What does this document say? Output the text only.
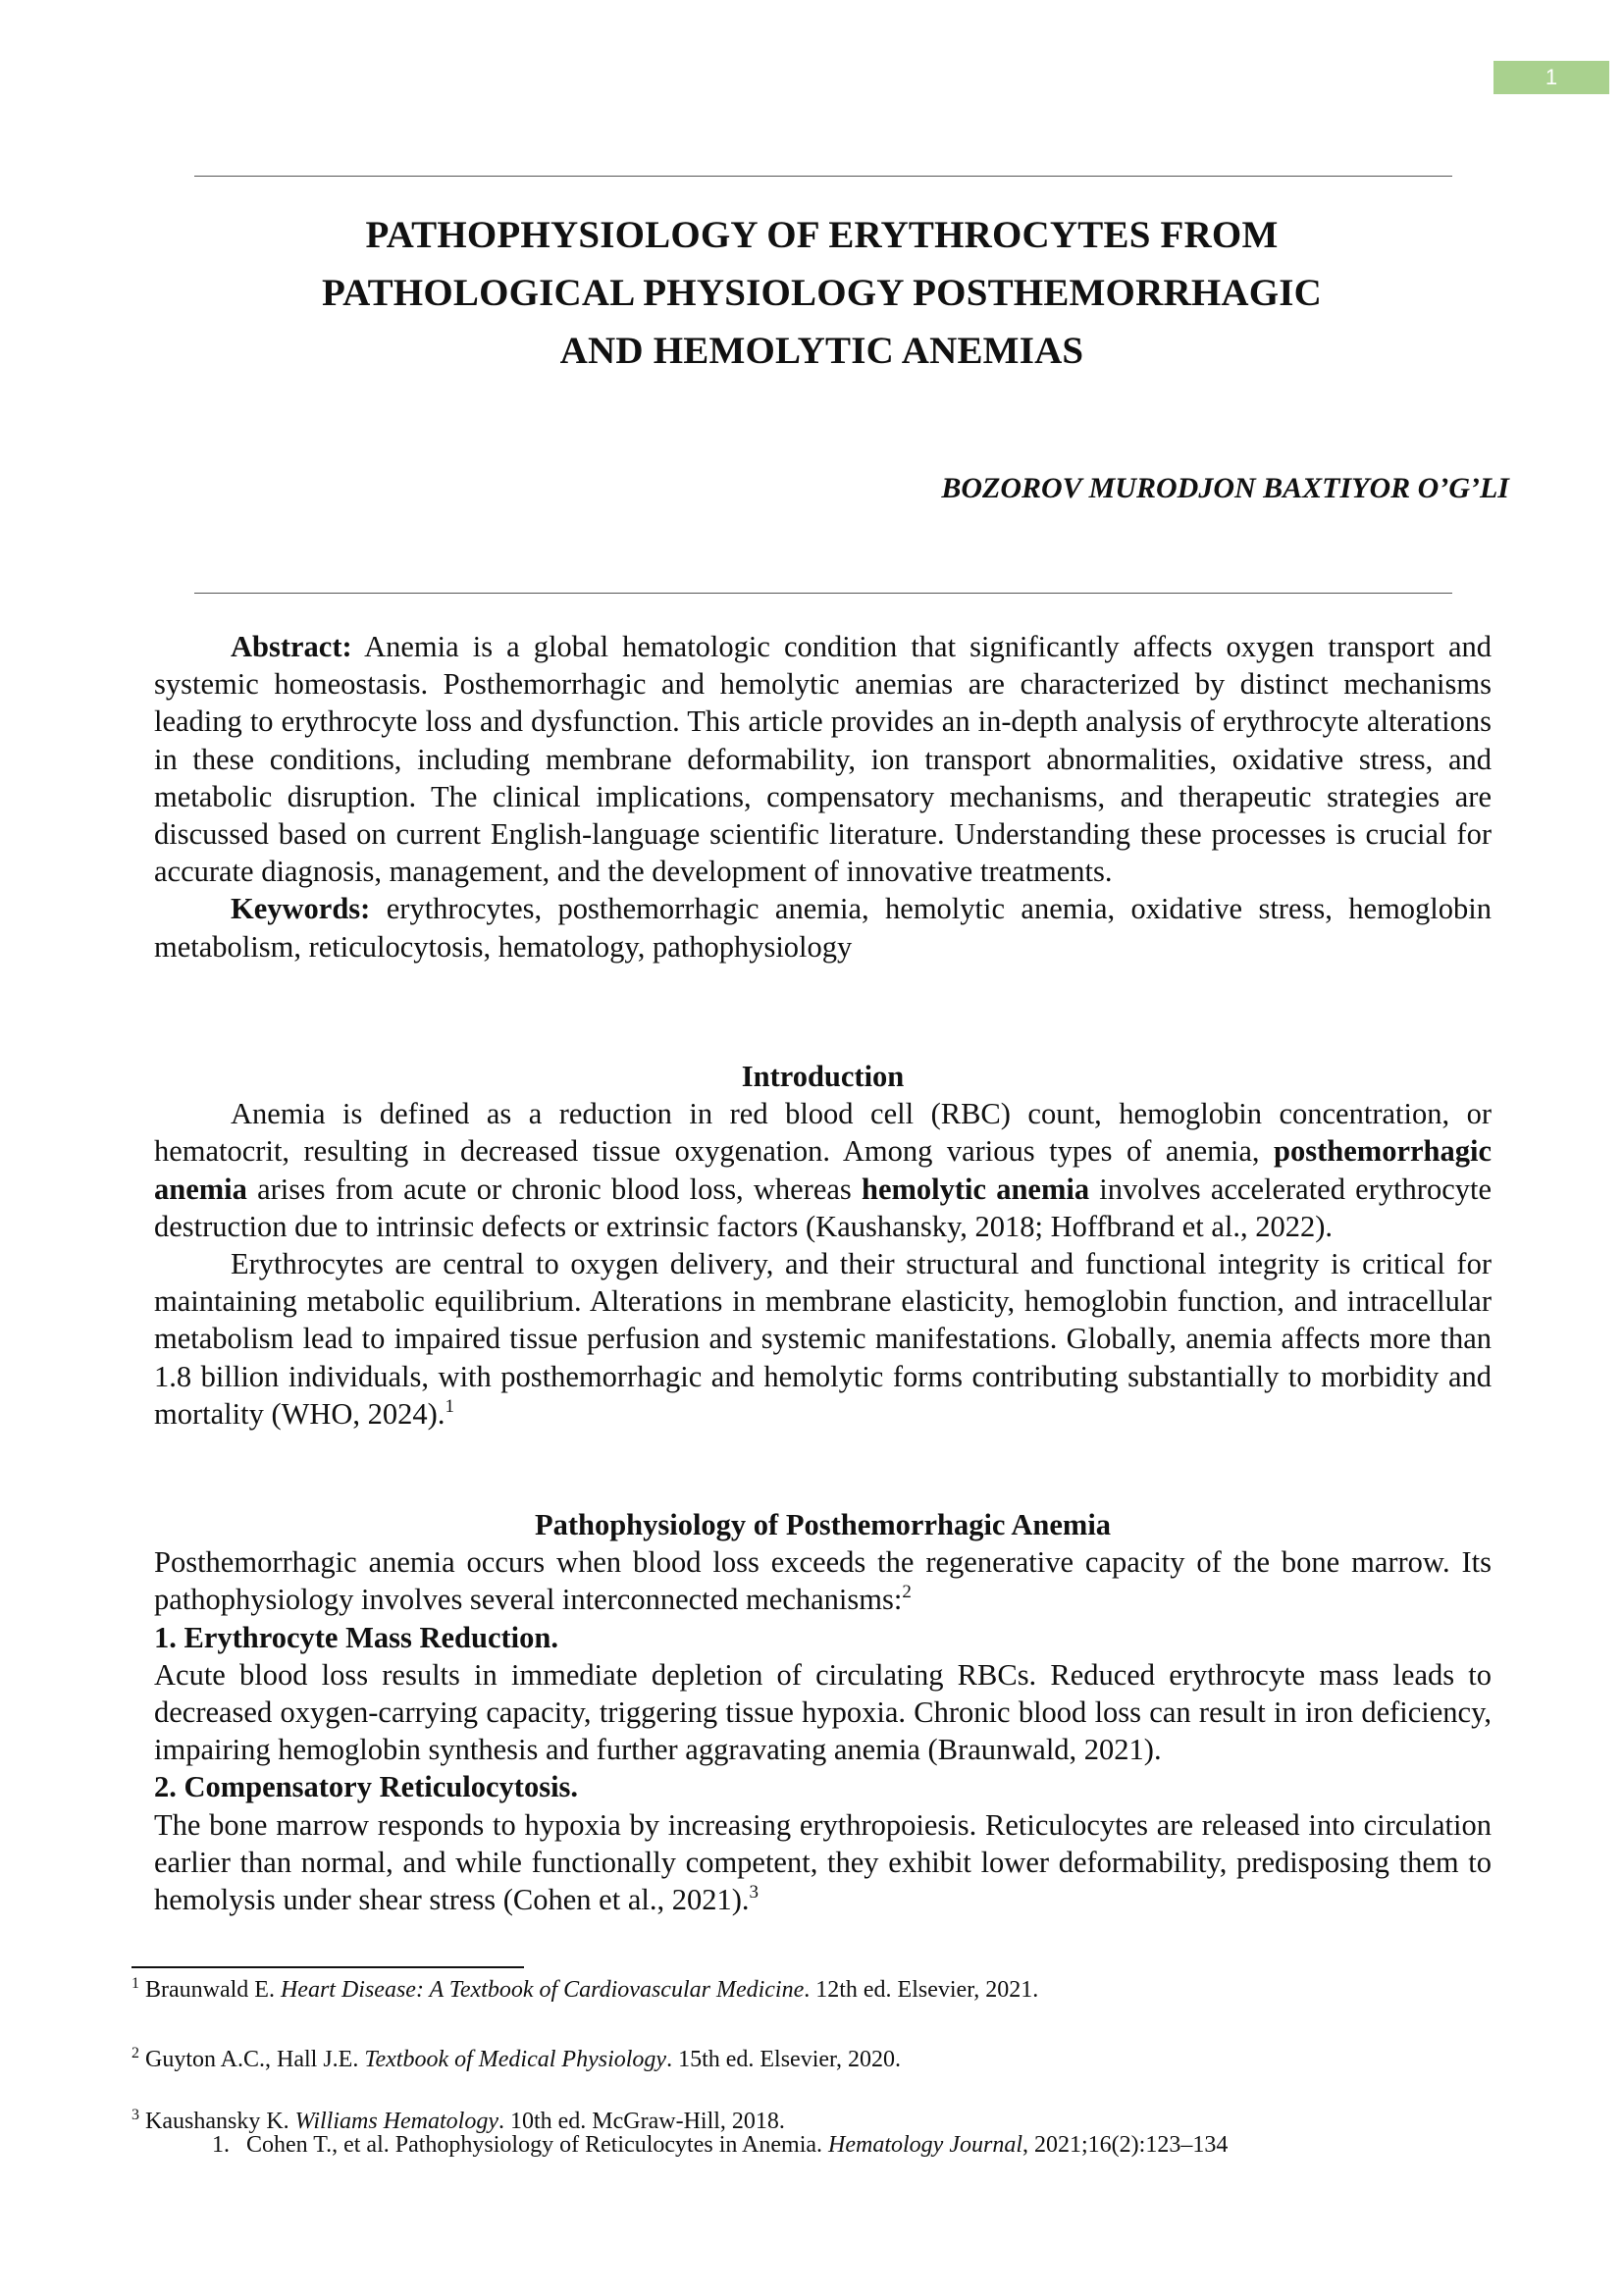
1
PATHOPHYSIOLOGY OF ERYTHROCYTES FROM
PATHOLOGICAL PHYSIOLOGY POSTHEMORRHAGIC
AND HEMOLYTIC ANEMIAS
BOZOROV MURODJON BAXTIYOR O’G’LI

Abstract: Anemia is a global hematologic condition that significantly affects oxygen transport and systemic homeostasis. Posthemorrhagic and hemolytic anemias are characterized by distinct mechanisms leading to erythrocyte loss and dysfunction. This article provides an in-depth analysis of erythrocyte alterations in these conditions, including membrane deformability, ion transport abnormalities, oxidative stress, and metabolic disruption. The clinical implications, compensatory mechanisms, and therapeutic strategies are discussed based on current English-language scientific literature. Understanding these processes is crucial for accurate diagnosis, management, and the development of innovative treatments.

Keywords: erythrocytes, posthemorrhagic anemia, hemolytic anemia, oxidative stress, hemoglobin metabolism, reticulocytosis, hematology, pathophysiology

Introduction

Anemia is defined as a reduction in red blood cell (RBC) count, hemoglobin concentration, or hematocrit, resulting in decreased tissue oxygenation. Among various types of anemia, posthemorrhagic anemia arises from acute or chronic blood loss, whereas hemolytic anemia involves accelerated erythrocyte destruction due to intrinsic defects or extrinsic factors (Kaushansky, 2018; Hoffbrand et al., 2022).

Erythrocytes are central to oxygen delivery, and their structural and functional integrity is critical for maintaining metabolic equilibrium. Alterations in membrane elasticity, hemoglobin function, and intracellular metabolism lead to impaired tissue perfusion and systemic manifestations. Globally, anemia affects more than 1.8 billion individuals, with posthemorrhagic and hemolytic forms contributing substantially to morbidity and mortality (WHO, 2024).$^1$

Pathophysiology of Posthemorrhagic Anemia

Posthemorrhagic anemia occurs when blood loss exceeds the regenerative capacity of the bone marrow. Its pathophysiology involves several interconnected mechanisms:$^2$

1. Erythrocyte Mass Reduction.

Acute blood loss results in immediate depletion of circulating RBCs. Reduced erythrocyte mass leads to decreased oxygen-carrying capacity, triggering tissue hypoxia. Chronic blood loss can result in iron deficiency, impairing hemoglobin synthesis and further aggravating anemia (Braunwald, 2021).

2. Compensatory Reticulocytosis.

The bone marrow responds to hypoxia by increasing erythropoiesis. Reticulocytes are released into circulation earlier than normal, and while functionally competent, they exhibit lower deformability, predisposing them to hemolysis under shear stress (Cohen et al., 2021).$^3$

$^1$ Braunwald E. Heart Disease: A Textbook of Cardiovascular Medicine. 12th ed. Elsevier, 2021.
$^2$ Guyton A.C., Hall J.E. Textbook of Medical Physiology. 15th ed. Elsevier, 2020.
$^3$ Kaushansky K. Williams Hematology. 10th ed. McGraw-Hill, 2018.
1. Cohen T., et al. Pathophysiology of Reticulocytes in Anemia. Hematology Journal, 2021;16(2):123–134
